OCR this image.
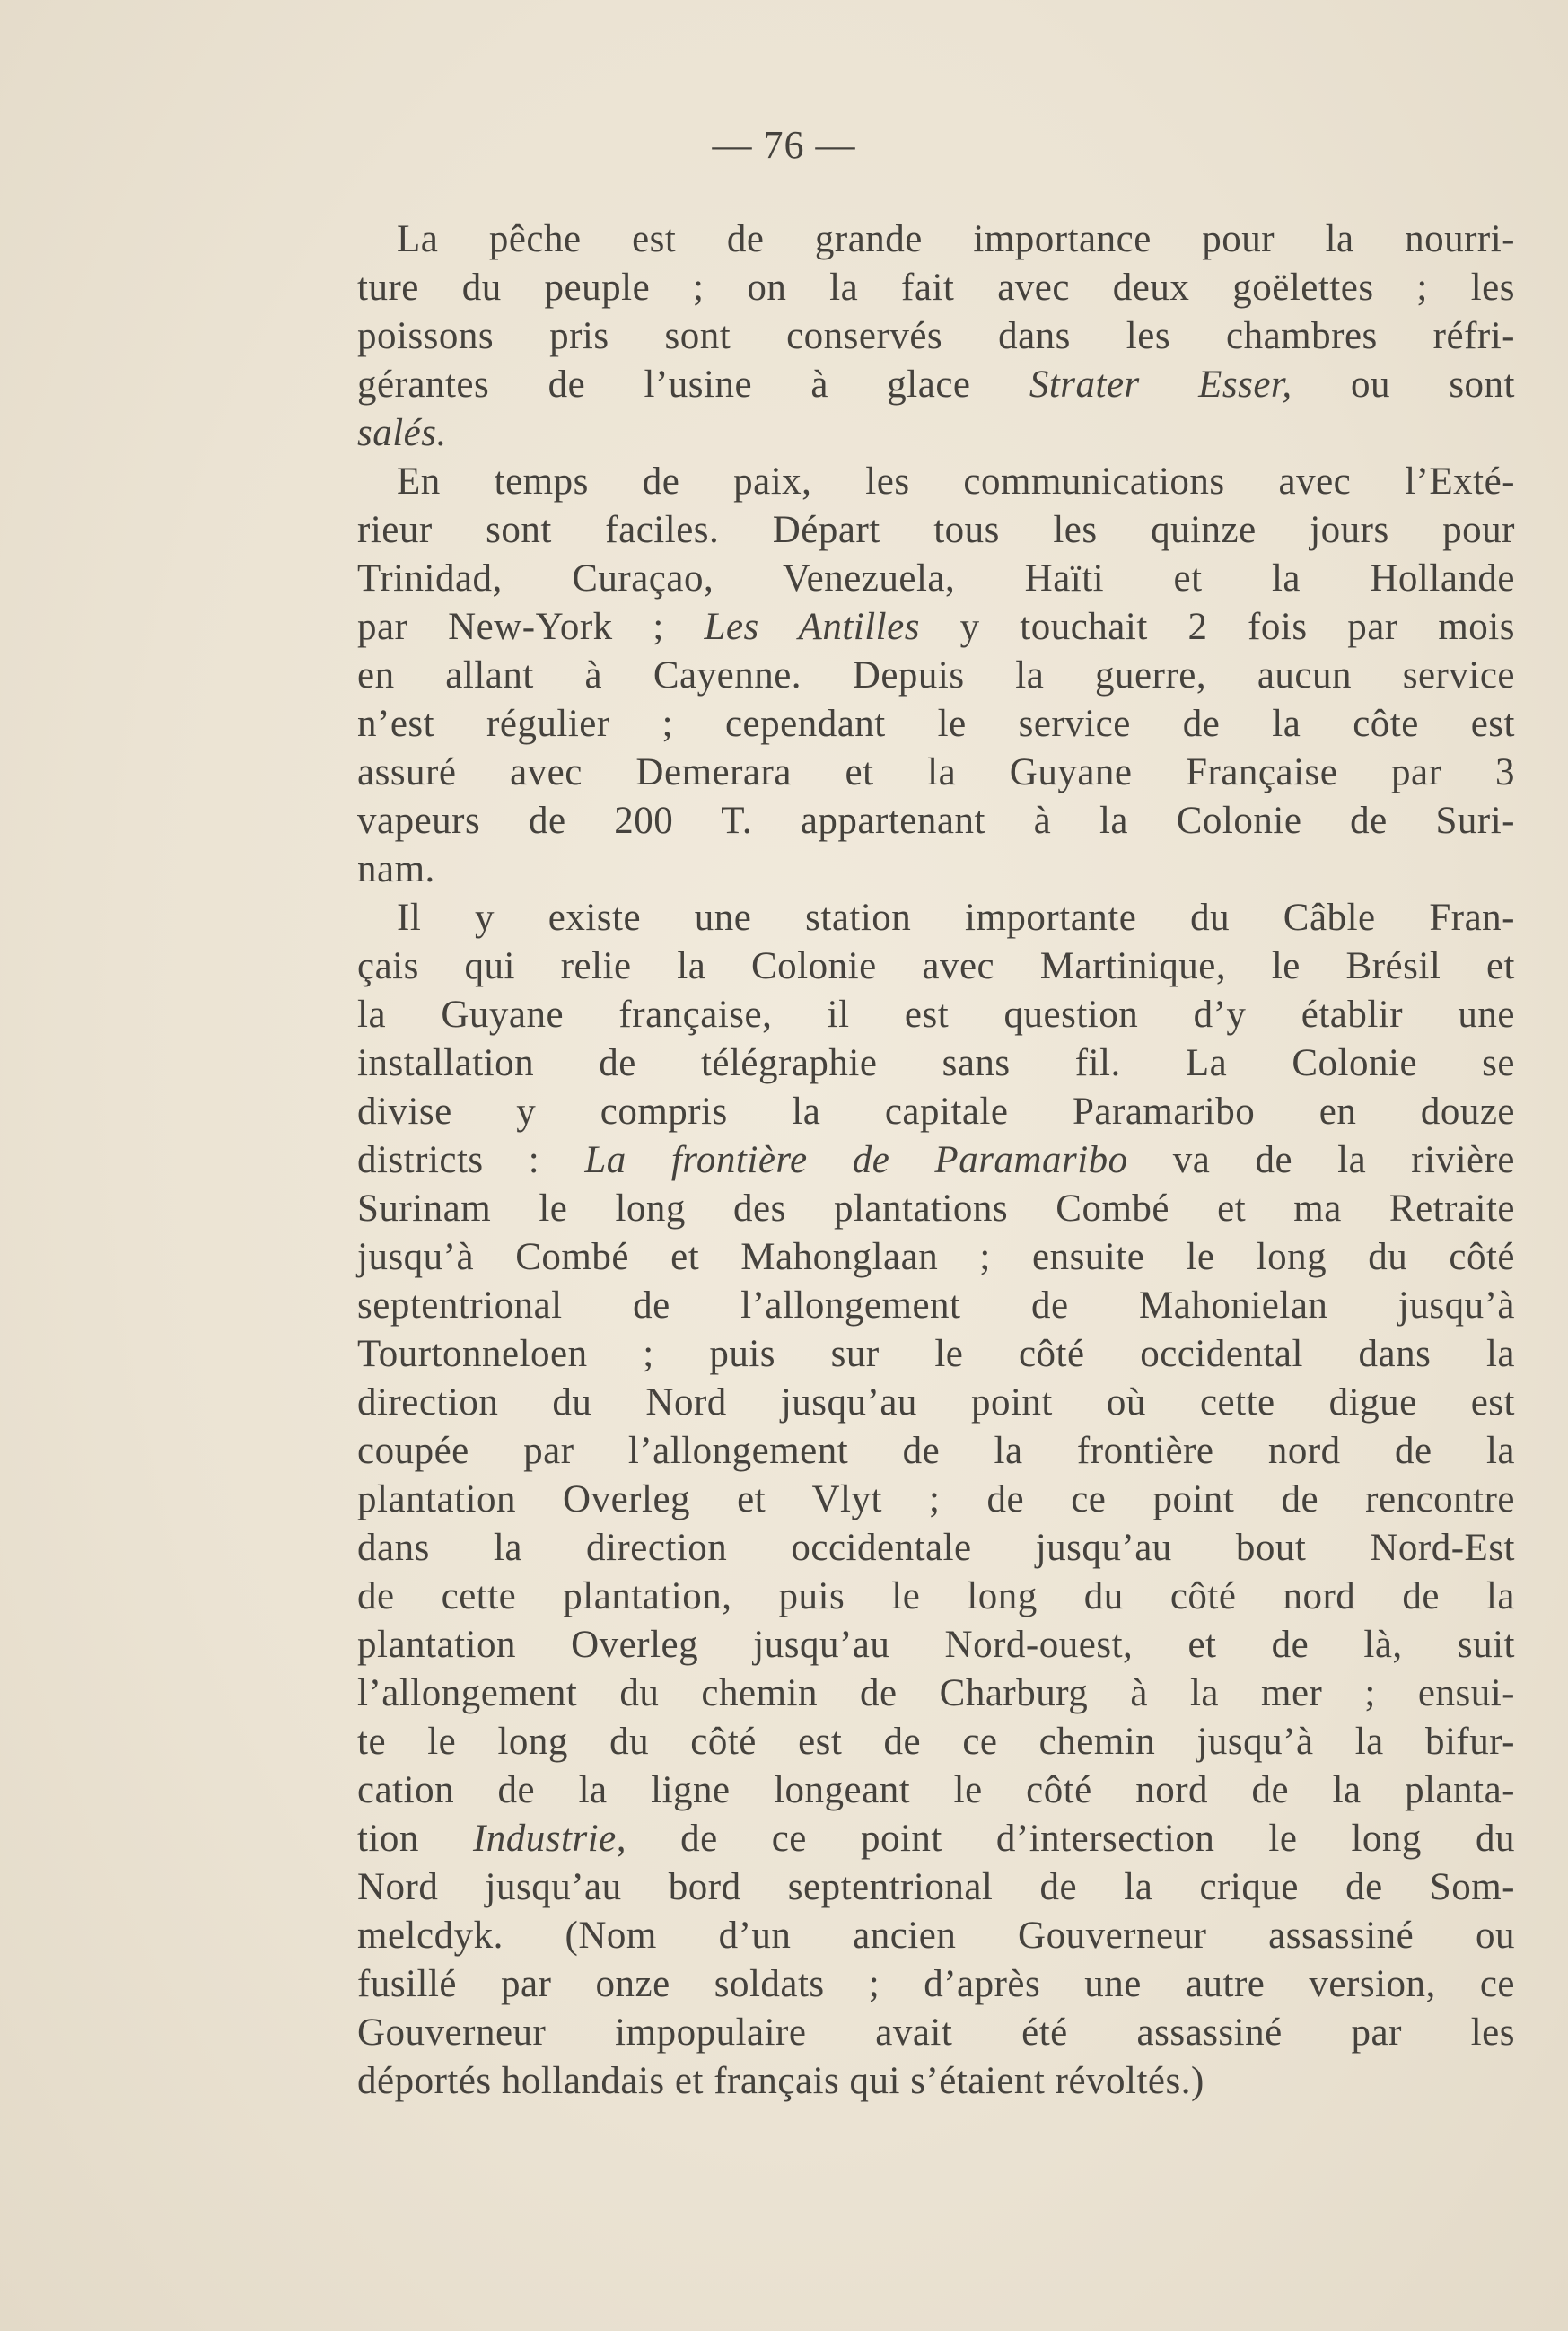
— 76 —
La pêche est de grande importance pour la nourri-
ture du peuple ; on la fait avec deux goëlettes ; les
poissons pris sont conservés dans les chambres réfri-
gérantes de l’usine à glace Strater Esser, ou sont
salés.
En temps de paix, les communications avec l’Exté-
rieur sont faciles. Départ tous les quinze jours pour
Trinidad, Curaçao, Venezuela, Haïti et la Hollande
par New-York ; Les Antilles y touchait 2 fois par mois
en allant à Cayenne. Depuis la guerre, aucun service
n’est régulier ; cependant le service de la côte est
assuré avec Demerara et la Guyane Française par 3
vapeurs de 200 T. appartenant à la Colonie de Suri-
nam.
Il y existe une station importante du Câble Fran-
çais qui relie la Colonie avec Martinique, le Brésil et
la Guyane française, il est question d’y établir une
installation de télégraphie sans fil. La Colonie se
divise y compris la capitale Paramaribo en douze
districts : La frontière de Paramaribo va de la rivière
Surinam le long des plantations Combé et ma Retraite
jusqu’à Combé et Mahonglaan ; ensuite le long du côté
septentrional de l’allongement de Mahonielan jusqu’à
Tourtonneloen ; puis sur le côté occidental dans la
direction du Nord jusqu’au point où cette digue est
coupée par l’allongement de la frontière nord de la
plantation Overleg et Vlyt ; de ce point de rencontre
dans la direction occidentale jusqu’au bout Nord-Est
de cette plantation, puis le long du côté nord de la
plantation Overleg jusqu’au Nord-ouest, et de là, suit
l’allongement du chemin de Charburg à la mer ; ensui-
te le long du côté est de ce chemin jusqu’à la bifur-
cation de la ligne longeant le côté nord de la planta-
tion Industrie, de ce point d’intersection le long du
Nord jusqu’au bord septentrional de la crique de Som-
melcdyk. (Nom d’un ancien Gouverneur assassiné ou
fusillé par onze soldats ; d’après une autre version, ce
Gouverneur impopulaire avait été assassiné par les
déportés hollandais et français qui s’étaient révoltés.)
